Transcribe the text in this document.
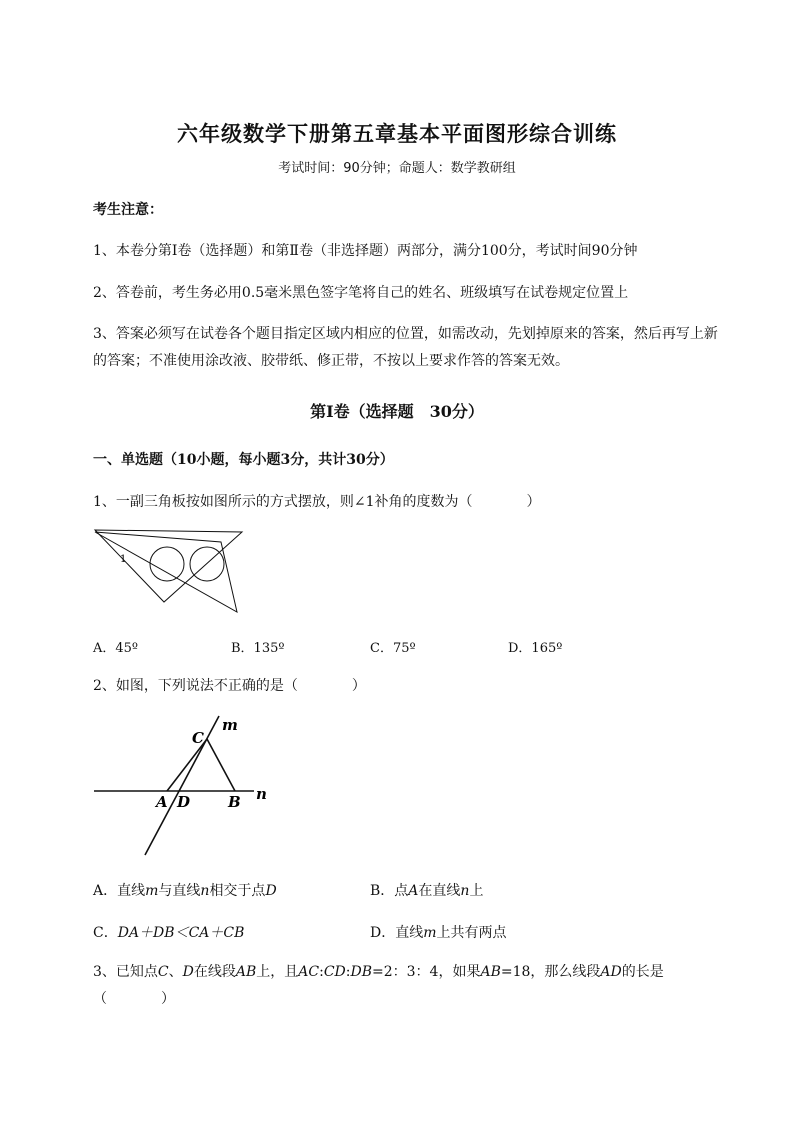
六年级数学下册第五章基本平面图形综合训练
考试时间：90分钟；命题人：数学教研组
考生注意：
1、本卷分第I卷（选择题）和第Ⅱ卷（非选择题）两部分，满分100分，考试时间90分钟
2、答卷前，考生务必用0.5毫米黑色签字笔将自己的姓名、班级填写在试卷规定位置上
3、答案必须写在试卷各个题目指定区域内相应的位置，如需改动，先划掉原来的答案，然后再写上新
的答案；不准使用涂改液、胶带纸、修正带，不按以上要求作答的答案无效。
第I卷（选择题　30分）
一、单选题（10小题，每小题3分，共计30分）
1、一副三角板按如图所示的方式摆放，则∠1补角的度数为（	）
1
A．45º	B．135º	C．75º	D．165º
2、如图，下列说法不正确的是（	）
C
m
A D	B n
A．直线m与直线n相交于点D	B．点A在直线n上
C．DA＋DB＜CA＋CB	D．直线m上共有两点
3、已知点C、D在线段AB上，且AC:CD:DB=2：3：4，如果AB=18，那么线段AD的长是
（	）
